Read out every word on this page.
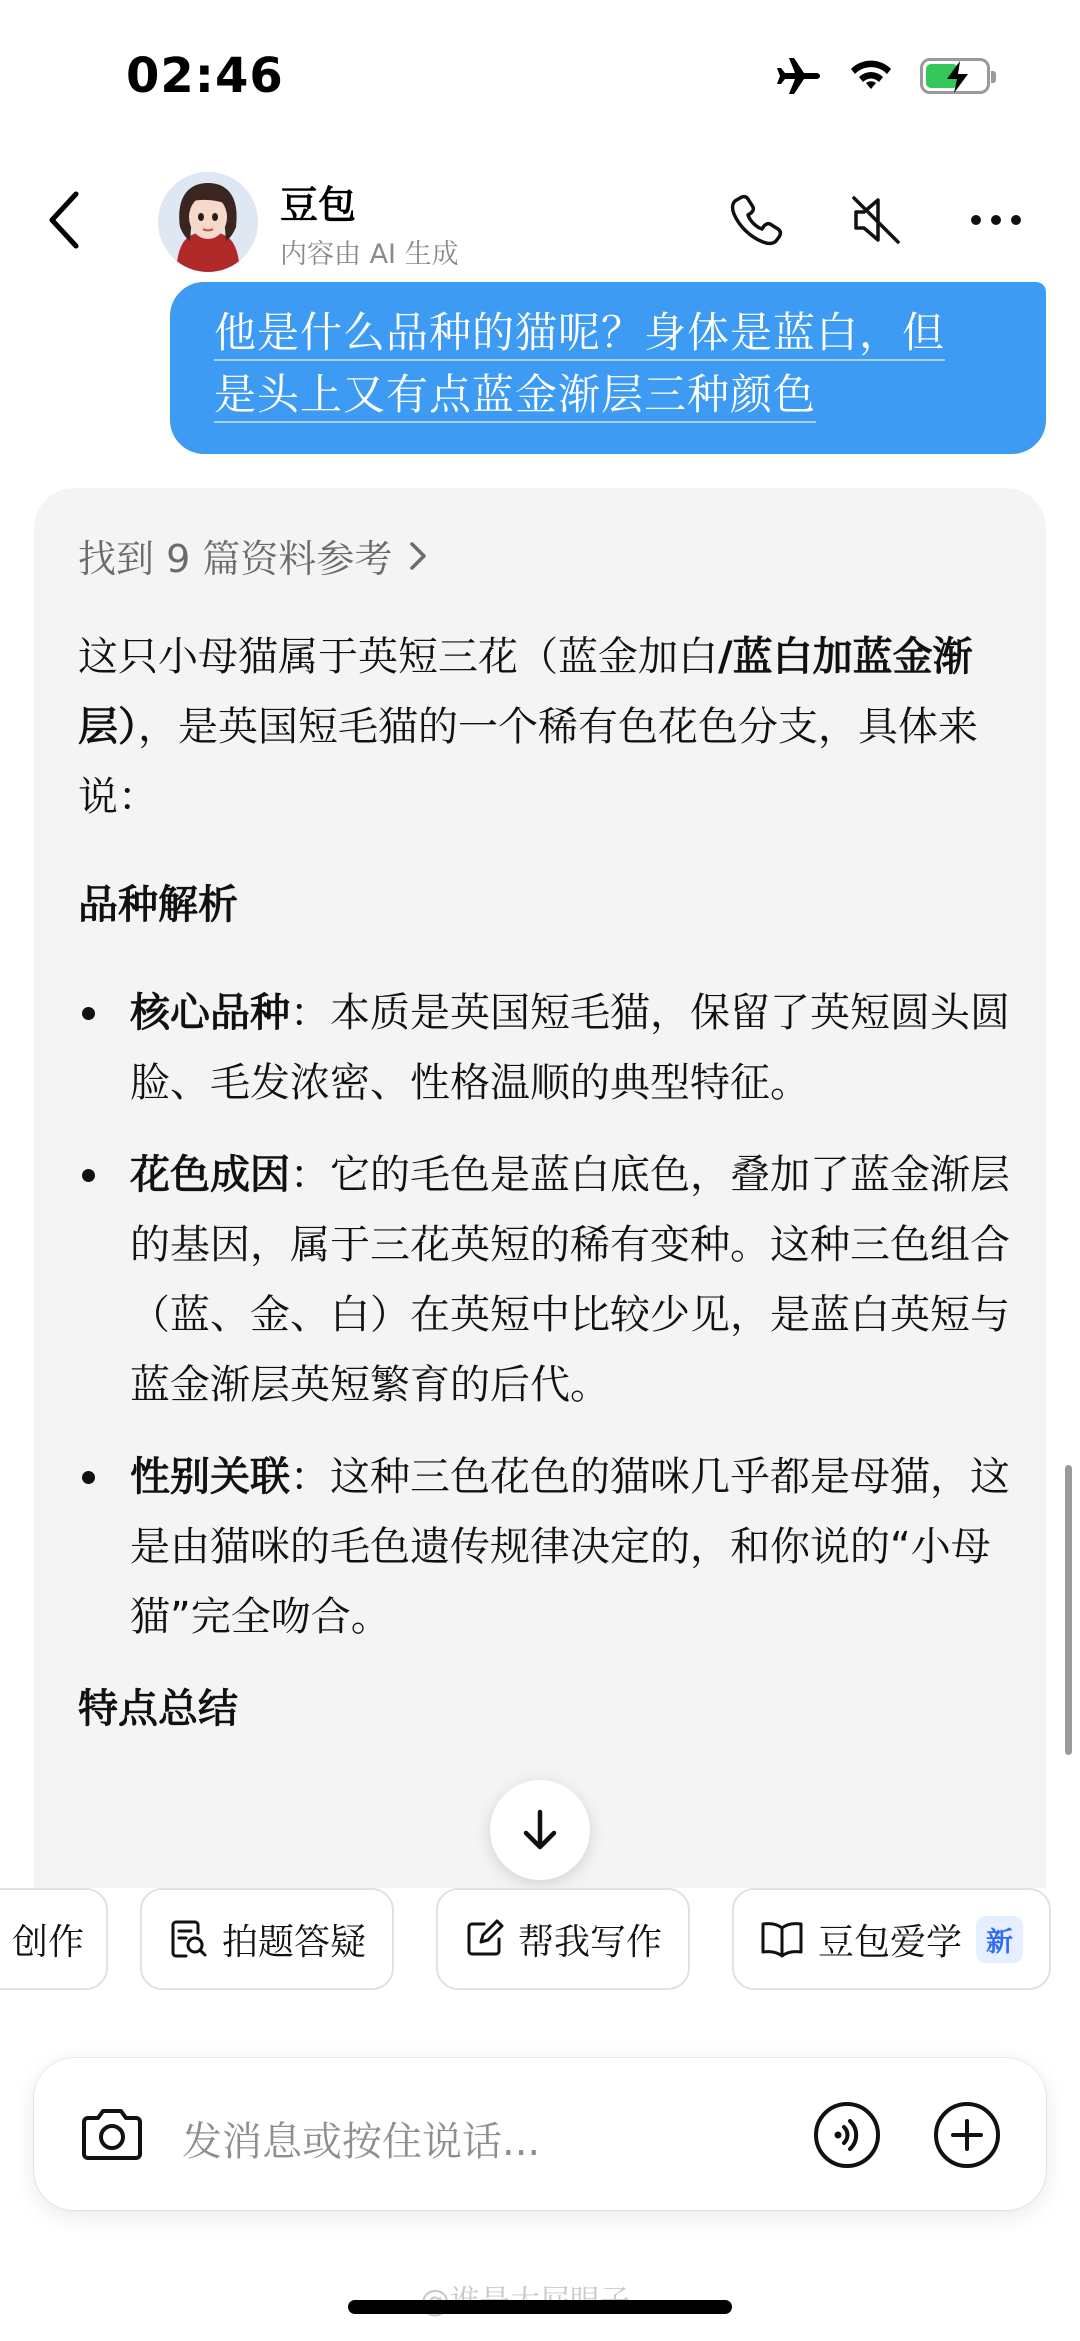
02:46
豆包
内容由 AI 生成
他是什么品种的猫呢？身体是蓝白，但
是头上又有点蓝金渐层三种颜色
找到 9 篇资料参考

这只小母猫属于英短三花（蓝金加白/蓝白加蓝金渐层），是英国短毛猫的一个稀有色花色分支，具体来说：

品种解析
核心品种：本质是英国短毛猫，保留了英短圆头圆脸、毛发浓密、性格温顺的典型特征。
花色成因：它的毛色是蓝白底色，叠加了蓝金渐层的基因，属于三花英短的稀有变种。这种三色组合（蓝、金、白）在英短中比较少见，是蓝白英短与蓝金渐层英短繁育的后代。
性别关联：这种三色花色的猫咪几乎都是母猫，这是由猫咪的毛色遗传规律决定的，和你说的“小母猫”完全吻合。
特点总结
创作	拍题答疑	帮我写作	豆包爱学 新
发消息或按住说话...
